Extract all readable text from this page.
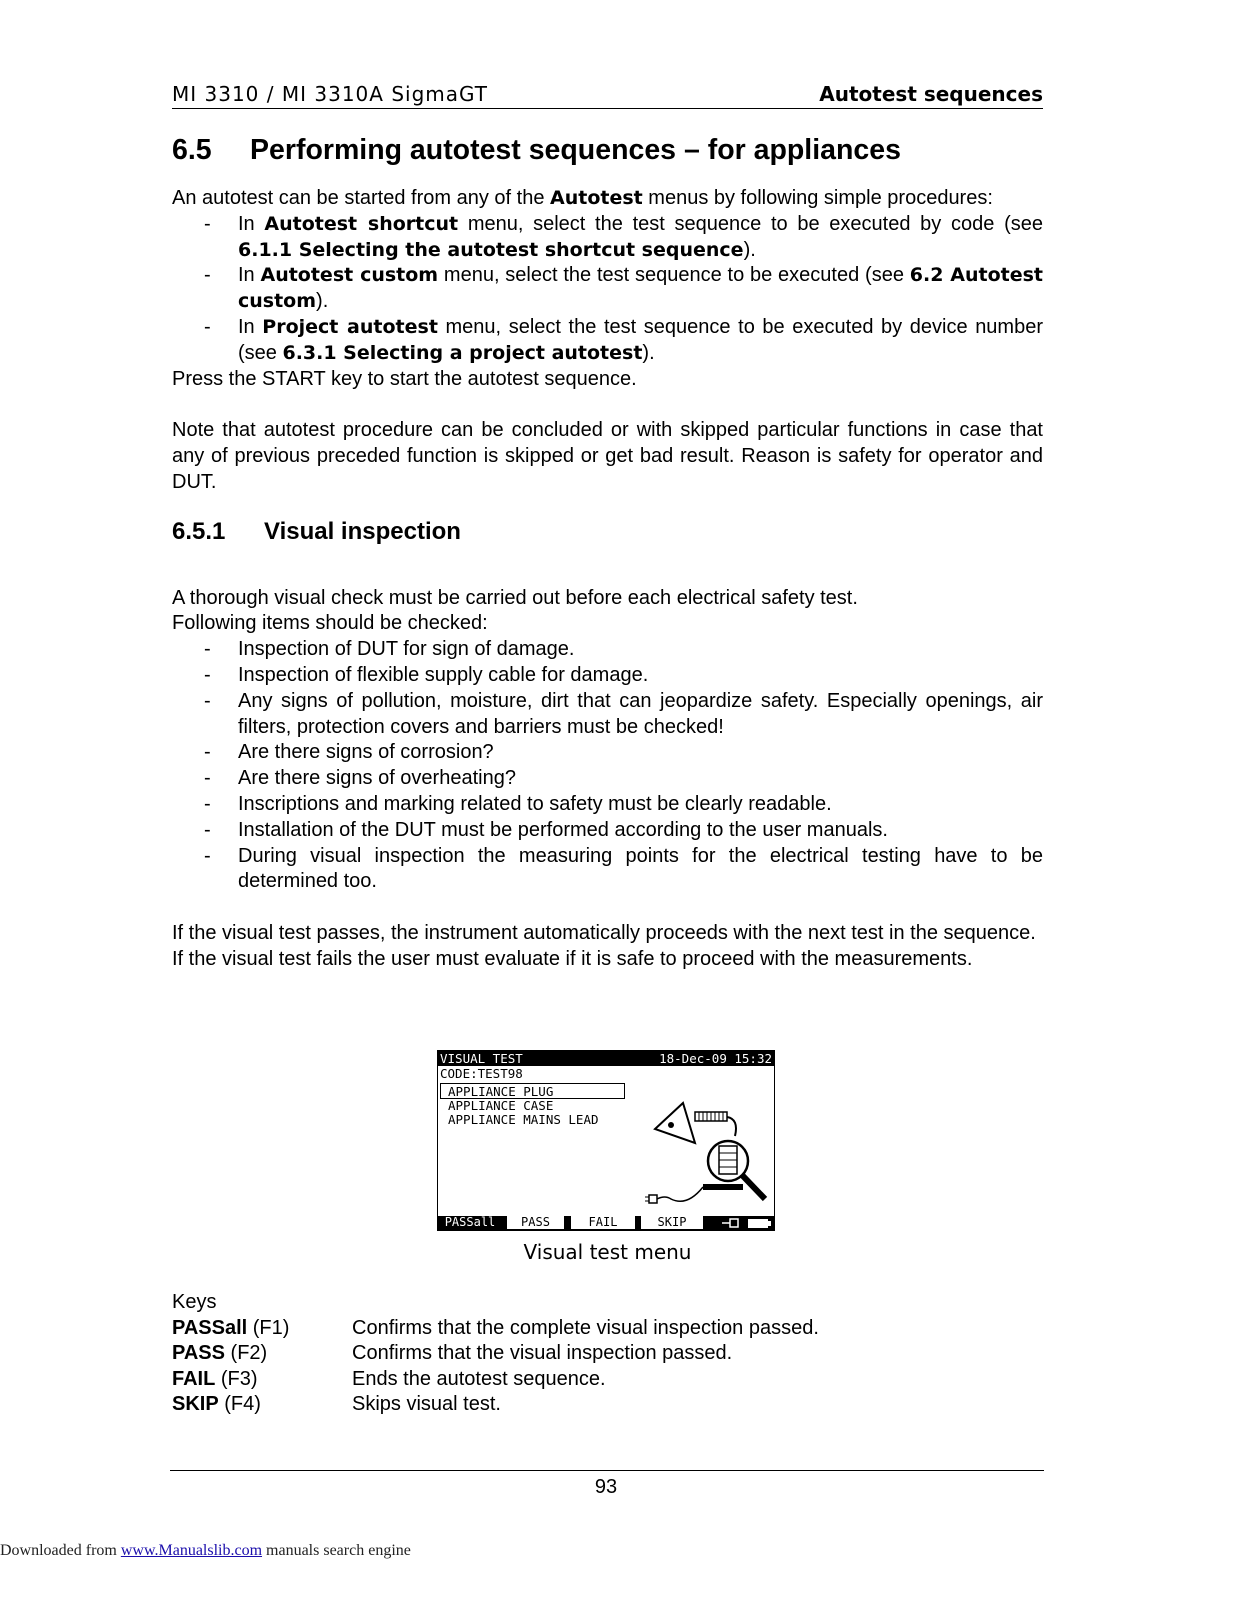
MI 3310 / MI 3310A SigmaGT	Autotest sequences
6.5 Performing autotest sequences – for appliances

An autotest can be started from any of the Autotest menus by following simple procedures:

- In Autotest shortcut menu, select the test sequence to be executed by code (see 6.1.1 Selecting the autotest shortcut sequence).
- In Autotest custom menu, select the test sequence to be executed (see 6.2 Autotest custom).
- In Project autotest menu, select the test sequence to be executed by device number (see 6.3.1 Selecting a project autotest).

Press the START key to start the autotest sequence.

Note that autotest procedure can be concluded or with skipped particular functions in case that any of previous preceded function is skipped or get bad result. Reason is safety for operator and DUT.

6.5.1 Visual inspection

A thorough visual check must be carried out before each electrical safety test.

Following items should be checked:

- Inspection of DUT for sign of damage.
- Inspection of flexible supply cable for damage.
- Any signs of pollution, moisture, dirt that can jeopardize safety. Especially openings, air filters, protection covers and barriers must be checked!
- Are there signs of corrosion?
- Are there signs of overheating?
- Inscriptions and marking related to safety must be clearly readable.
- Installation of the DUT must be performed according to the user manuals.
- During visual inspection the measuring points for the electrical testing have to be determined too.

If the visual test passes, the instrument automatically proceeds with the next test in the sequence.

If the visual test fails the user must evaluate if it is safe to proceed with the measurements.

VISUAL TEST	18-Dec-09 15:32
CODE:TEST98
APPLIANCE PLUG
APPLIANCE CASE
APPLIANCE MAINS LEAD
PASSall	PASS	FAIL	SKIP
Visual test menu
Keys
PASSall (F1)	Confirms that the complete visual inspection passed.
PASS (F2)	Confirms that the visual inspection passed.
FAIL (F3)	Ends the autotest sequence.
SKIP (F4)	Skips visual test.
93
Downloaded from www.Manualslib.com manuals search engine
